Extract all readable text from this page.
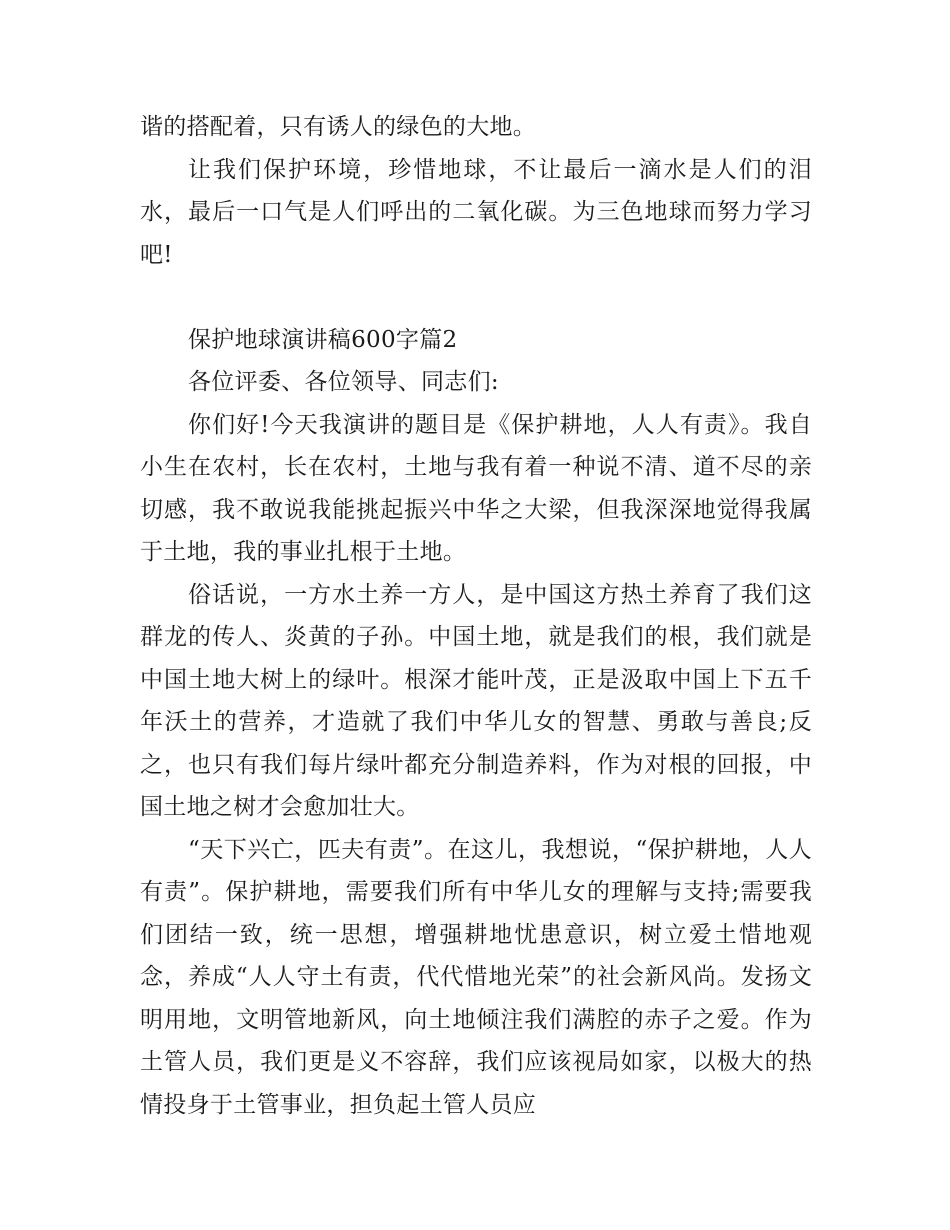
谐的搭配着，只有诱人的绿色的大地。

让我们保护环境，珍惜地球，不让最后一滴水是人们的泪水，最后一口气是人们呼出的二氧化碳。为三色地球而努力学习吧!

保护地球演讲稿600字篇2

各位评委、各位领导、同志们:

你们好!今天我演讲的题目是《保护耕地，人人有责》。我自小生在农村，长在农村，土地与我有着一种说不清、道不尽的亲切感，我不敢说我能挑起振兴中华之大梁，但我深深地觉得我属于土地，我的事业扎根于土地。

俗话说，一方水土养一方人，是中国这方热土养育了我们这群龙的传人、炎黄的子孙。中国土地，就是我们的根，我们就是中国土地大树上的绿叶。根深才能叶茂，正是汲取中国上下五千年沃土的营养，才造就了我们中华儿女的智慧、勇敢与善良;反之，也只有我们每片绿叶都充分制造养料，作为对根的回报，中国土地之树才会愈加壮大。

“天下兴亡，匹夫有责”。在这儿，我想说，“保护耕地，人人有责”。保护耕地，需要我们所有中华儿女的理解与支持;需要我们团结一致，统一思想，增强耕地忧患意识，树立爱土惜地观念，养成“人人守土有责，代代惜地光荣”的社会新风尚。发扬文明用地，文明管地新风，向土地倾注我们满腔的赤子之爱。作为土管人员，我们更是义不容辞，我们应该视局如家，以极大的热情投身于土管事业，担负起土管人员应
